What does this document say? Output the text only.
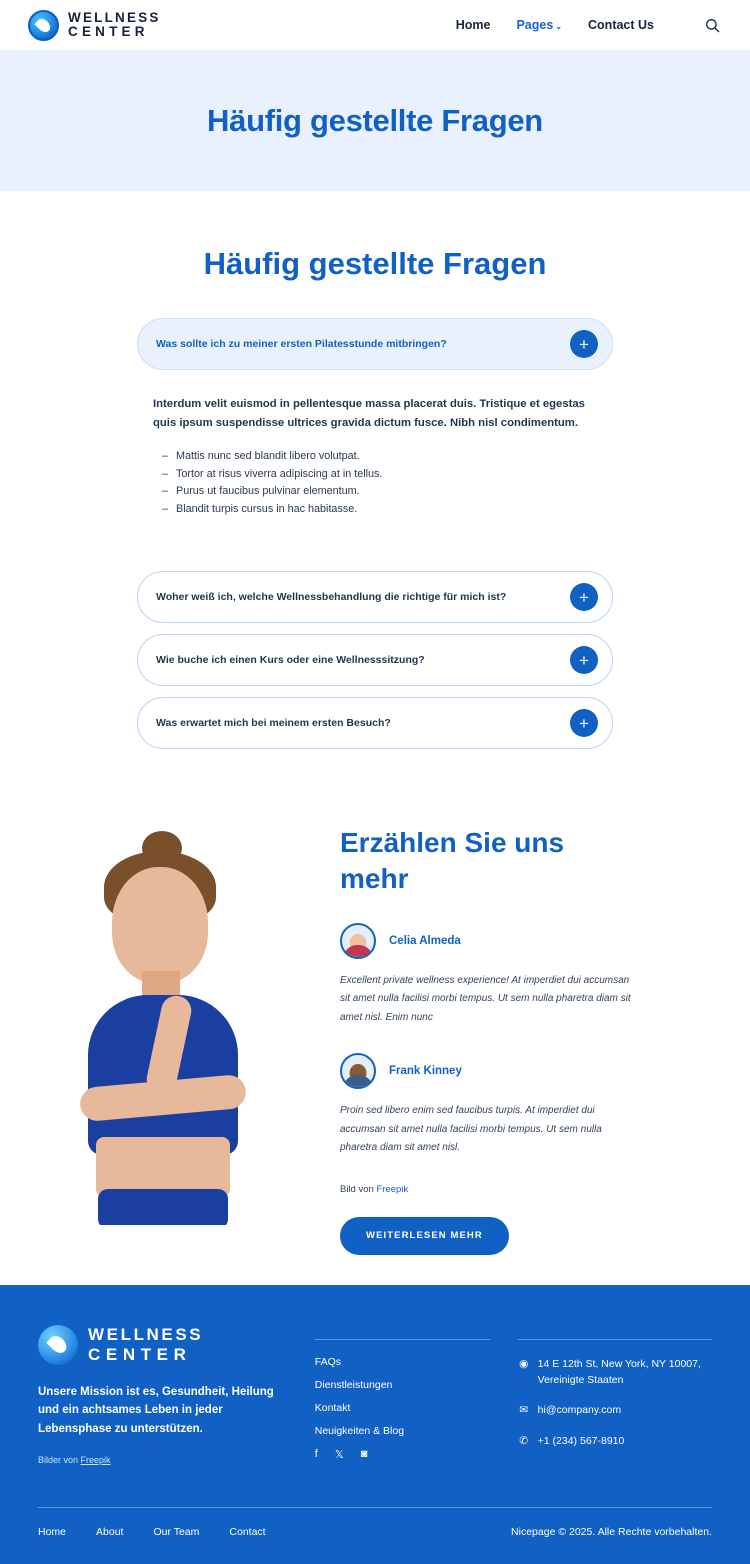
WELLNESS
CENTER	Home Pages ⌄ Contact Us
Häufig gestellte Fragen
Häufig gestellte Fragen
Was sollte ich zu meiner ersten Pilatesstunde mitbringen?	+
Interdum velit euismod in pellentesque massa placerat duis. Tristique et egestas quis ipsum suspendisse ultrices gravida dictum fusce. Nibh nisl condimentum.
– Mattis nunc sed blandit libero volutpat.
– Tortor at risus viverra adipiscing at in tellus.
– Purus ut faucibus pulvinar elementum.
– Blandit turpis cursus in hac habitasse.
Woher weiß ich, welche Wellnessbehandlung die richtige für mich ist?	+
Wie buche ich einen Kurs oder eine Wellnesssitzung?	+
Was erwartet mich bei meinem ersten Besuch?	+
Erzählen Sie uns mehr
Celia Almeda
Excellent private wellness experience! At imperdiet dui accumsan sit amet nulla facilisi morbi tempus. Ut sem nulla pharetra diam sit amet nisl. Enim nunc
Frank Kinney
Proin sed libero enim sed faucibus turpis. At imperdiet dui accumsan sit amet nulla facilisi morbi tempus. Ut sem nulla pharetra diam sit amet nisl.
Bild von Freepik
WEITERLESEN MEHR
WELLNESS
CENTER
Unsere Mission ist es, Gesundheit, Heilung und ein achtsames Leben in jeder Lebensphase zu unterstützen.
Bilder von Freepik
FAQs
Dienstleistungen
Kontakt
Neuigkeiten & Blog
f 𝕏 ◙
◉ 14 E 12th St, New York, NY 10007, Vereinigte Staaten
✉ hi@company.com
✆ +1 (234) 567-8910
Home	About	Our Team	Contact	Nicepage © 2025. Alle Rechte vorbehalten.
